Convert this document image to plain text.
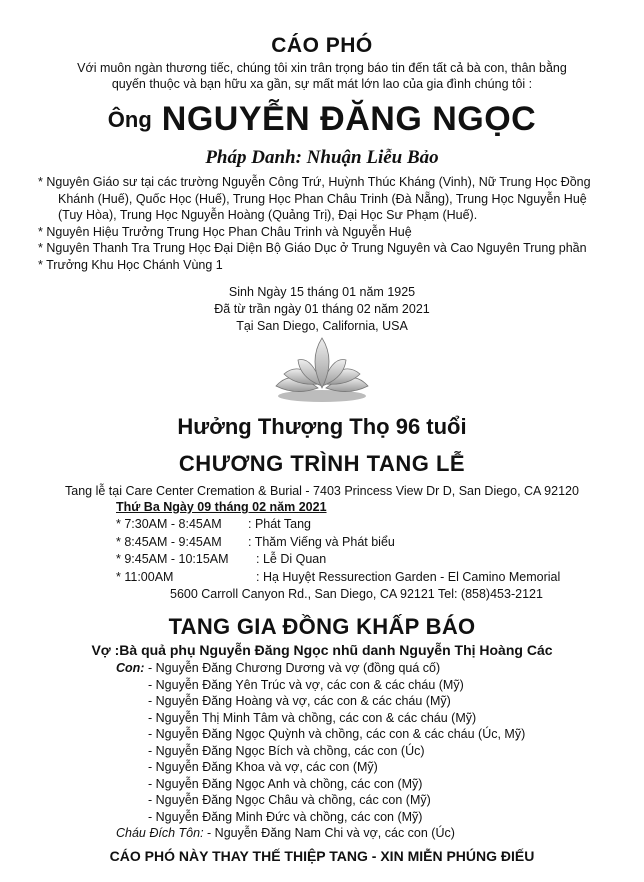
CÁO PHÓ
Với muôn ngàn thương tiếc, chúng tôi xin trân trọng báo tin đến tất cả bà con, thân bằng
quyến thuộc và bạn hữu xa gần, sự mất mát lớn lao của gia đình chúng tôi :
Ông NGUYỄN ĐĂNG NGỌC
Pháp Danh: Nhuận Liễu Bảo
* Nguyên Giáo sư tại các trường Nguyễn Công Trứ, Huỳnh Thúc Kháng (Vinh), Nữ Trung Học Đồng
Khánh (Huế), Quốc Học (Huế), Trung Học Phan Châu Trinh (Đà Nẵng), Trung Học Nguyễn Huệ
(Tuy Hòa), Trung Học Nguyễn Hoàng (Quảng Trị), Đại Học Sư Phạm (Huế).
* Nguyên Hiệu Trưởng Trung Học Phan Châu Trinh và Nguyễn Huệ
* Nguyên Thanh Tra Trung Học Đại Diện Bộ Giáo Dục ở Trung Nguyên và Cao Nguyên Trung phần
* Trưởng Khu Học Chánh Vùng 1
Sinh Ngày 15 tháng 01 năm 1925
Đã từ trần ngày 01 tháng 02 năm 2021
Tại San Diego, California, USA
Hưởng Thượng Thọ 96 tuổi
CHƯƠNG TRÌNH TANG LỄ
Tang lễ tại Care Center Cremation & Burial - 7403 Princess View Dr D, San Diego, CA 92120
Thứ Ba Ngày 09 tháng 02 năm 2021
* 7:30AM - 8:45AM : Phát Tang
* 8:45AM - 9:45AM : Thăm Viếng và Phát biểu
* 9:45AM - 10:15AM : Lễ Di Quan
* 11:00AM	: Hạ Huyệt Ressurection Garden - El Camino Memorial
5600 Carroll Canyon Rd., San Diego, CA 92121 Tel: (858)453-2121
TANG GIA ĐỒNG KHẤP BÁO
Vợ :Bà quả phụ Nguyễn Đăng Ngọc nhũ danh Nguyễn Thị Hoàng Các
Con: - Nguyễn Đăng Chương Dương và vợ (đồng quá cố)
- Nguyễn Đăng Yên Trúc và vợ, các con & các cháu (Mỹ)
- Nguyễn Đăng Hoàng và vợ, các con & các cháu (Mỹ)
- Nguyễn Thị Minh Tâm và chồng, các con & các cháu (Mỹ)
- Nguyễn Đăng Ngọc Quỳnh và chồng, các con & các cháu (Úc, Mỹ)
- Nguyễn Đăng Ngọc Bích và chồng, các con (Úc)
- Nguyễn Đăng Khoa và vợ, các con (Mỹ)
- Nguyễn Đăng Ngọc Anh và chồng, các con (Mỹ)
- Nguyễn Đăng Ngọc Châu và chồng, các con (Mỹ)
- Nguyễn Đăng Minh Đức và chồng, các con (Mỹ)
Cháu Đích Tôn: - Nguyễn Đăng Nam Chi và vợ, các con (Úc)
CÁO PHÓ NÀY THAY THẾ THIỆP TANG - XIN MIỄN PHÚNG ĐIẾU
